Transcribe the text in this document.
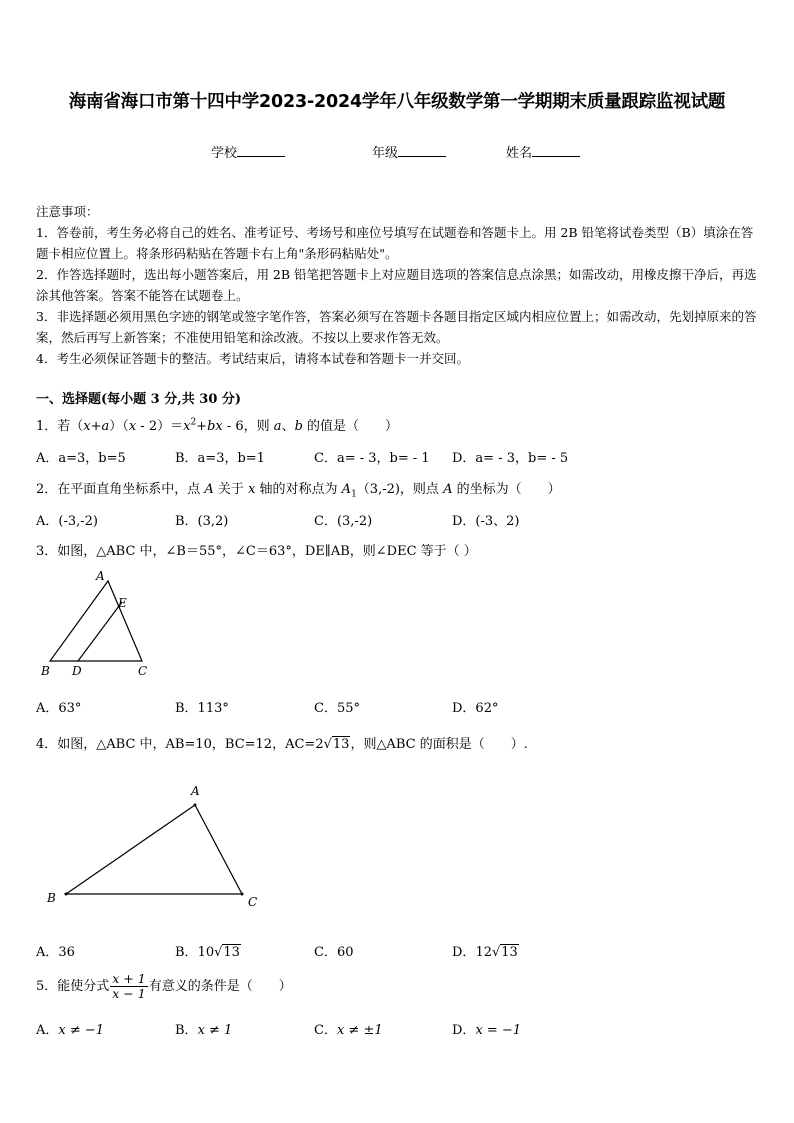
海南省海口市第十四中学2023-2024学年八年级数学第一学期期末质量跟踪监视试题
学校	年级	姓名

注意事项：

1．答卷前，考生务必将自己的姓名、准考证号、考场号和座位号填写在试题卷和答题卡上。用 2B 铅笔将试卷类型（B）填涂在答题卡相应位置上。将条形码粘贴在答题卡右上角"条形码粘贴处"。

2．作答选择题时，选出每小题答案后，用 2B 铅笔把答题卡上对应题目选项的答案信息点涂黑；如需改动，用橡皮擦干净后，再选涂其他答案。答案不能答在试题卷上。

3．非选择题必须用黑色字迹的钢笔或签字笔作答，答案必须写在答题卡各题目指定区域内相应位置上；如需改动，先划掉原来的答案，然后再写上新答案；不准使用铅笔和涂改液。不按以上要求作答无效。

4．考生必须保证答题卡的整洁。考试结束后，请将本试卷和答题卡一并交回。

一、选择题(每小题 3 分,共 30 分)
1．若$(x+a)(x - 2)=x^2+bx - 6$，则 a、b 的值是（　　）
A．a=3，b=5	B．a=3，b=1	C．a= - 3，b= - 1 D．a= - 3，b= - 5
2．在平面直角坐标系中，点 A 关于 x 轴的对称点为 $A_1(3,-2)$，则点 A 的坐标为（　　）
A．(-3,-2)	B．(3,2)	C．(3,-2)	D．(-3、2)
3．如图，△ABC 中，∠B＝55°，∠C＝63°，DE∥AB，则∠DEC 等于（ ）
A
E
B D	C
A．63°	B．113°	C．55°	D．62°
4．如图，△ABC 中，AB=10，BC=12，AC=2√13，则△ABC 的面积是（　　）.
A
B	C
A．36	B．10√13	C．60	D．12√13
5．能使分式 $\frac{x + 1}{x - 1}$ 有意义的条件是（　　）
A．x ≠ −1	B．x ≠ 1	C．x ≠ ±1	D．x = −1
